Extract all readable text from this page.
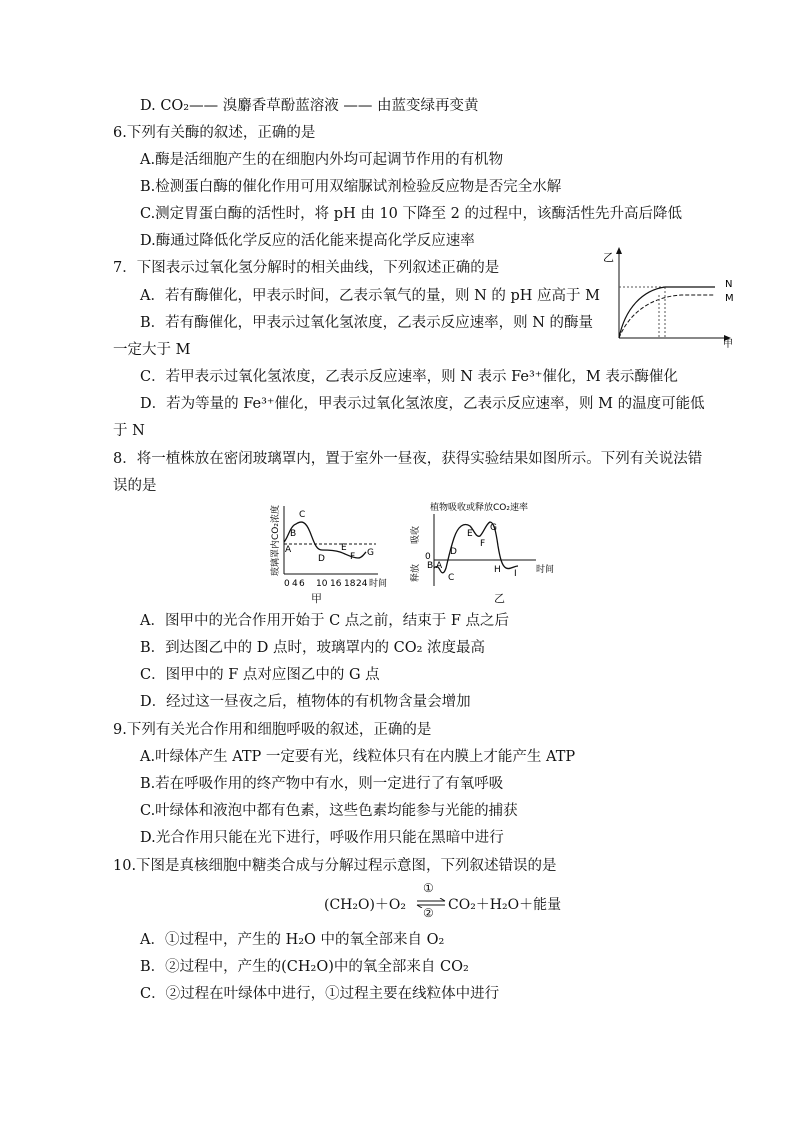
D. CO₂—— 溴麝香草酚蓝溶液 —— 由蓝变绿再变黄
6.下列有关酶的叙述，正确的是
A.酶是活细胞产生的在细胞内外均可起调节作用的有机物
B.检测蛋白酶的催化作用可用双缩脲试剂检验反应物是否完全水解
C.测定胃蛋白酶的活性时，将 pH 由 10 下降至 2 的过程中，该酶活性先升高后降低
D.酶通过降低化学反应的活化能来提高化学反应速率
7．下图表示过氧化氢分解时的相关曲线，下列叙述正确的是
A．若有酶催化，甲表示时间，乙表示氧气的量，则 N 的 pH 应高于 M
B．若有酶催化，甲表示过氧化氢浓度，乙表示反应速率，则 N 的酶量
一定大于 M
C．若甲表示过氧化氢浓度，乙表示反应速率，则 N 表示 Fe³⁺催化，M 表示酶催化
D．若为等量的 Fe³⁺催化，甲表示过氧化氢浓度，乙表示反应速率，则 M 的温度可能低
于 N
8．将一植株放在密闭玻璃罩内，置于室外一昼夜，获得实验结果如图所示。下列有关说法错
误的是
A．图甲中的光合作用开始于 C 点之前，结束于 F 点之后
B．到达图乙中的 D 点时，玻璃罩内的 CO₂ 浓度最高
C．图甲中的 F 点对应图乙中的 G 点
D．经过这一昼夜之后，植物体的有机物含量会增加
9.下列有关光合作用和细胞呼吸的叙述，正确的是
A.叶绿体产生 ATP 一定要有光，线粒体只有在内膜上才能产生 ATP
B.若在呼吸作用的终产物中有水，则一定进行了有氧呼吸
C.叶绿体和液泡中都有色素，这些色素均能参与光能的捕获
D.光合作用只能在光下进行，呼吸作用只能在黑暗中进行
10.下图是真核细胞中糖类合成与分解过程示意图，下列叙述错误的是
(CH₂O)＋O₂
①
② CO₂＋H₂O＋能量
A．①过程中，产生的 H₂O 中的氧全部来自 O₂
B．②过程中，产生的(CH₂O)中的氧全部来自 CO₂
C．②过程在叶绿体中进行，①过程主要在线粒体中进行
乙
甲
N
M
玻璃罩内CO₂浓度
0 4 6 10 16 18 24 时间
A
B
C
D
E
F G
甲
植物吸收或释放CO₂速率
吸收
释放
0
时间
A
B
C
D
E
F
G
H I
乙
